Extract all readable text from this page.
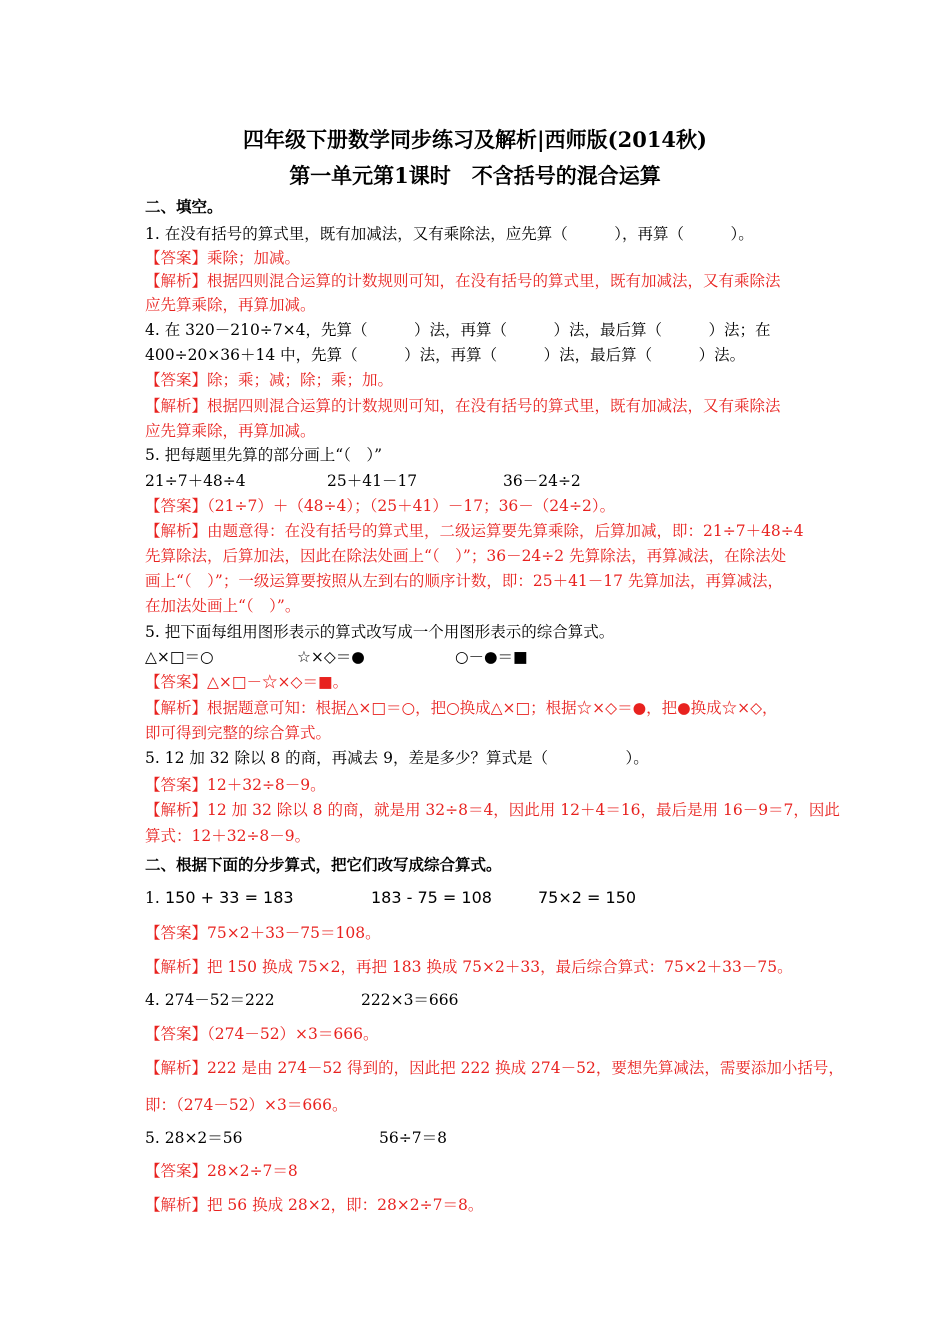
四年级下册数学同步练习及解析|西师版(2014秋)
第一单元第1课时　不含括号的混合运算
二、填空。
1. 在没有括号的算式里，既有加减法，又有乘除法，应先算（　　　），再算（　　　）。
【答案】乘除；加减。
【解析】根据四则混合运算的计数规则可知，在没有括号的算式里，既有加减法，又有乘除法
应先算乘除，再算加减。
4. 在 320－210÷7×4，先算（　　　）法，再算（　　　）法，最后算（　　　）法；在
400÷20×36＋14 中，先算（　　　）法，再算（　　　）法，最后算（　　　）法。
【答案】除；乘；减；除；乘；加。
【解析】根据四则混合运算的计数规则可知，在没有括号的算式里，既有加减法，又有乘除法
应先算乘除，再算加减。
5. 把每题里先算的部分画上“（　）”
21÷7＋48÷4	25＋41－17	36－24÷2
【答案】（21÷7）＋（48÷4）；（25＋41）－17；36－（24÷2）。
【解析】由题意得：在没有括号的算式里，二级运算要先算乘除，后算加减，即：21÷7＋48÷4
先算除法，后算加法，因此在除法处画上“（　）”；36－24÷2 先算除法，再算减法，在除法处
画上“（　）”；一级运算要按照从左到右的顺序计数，即：25＋41－17 先算加法，再算减法，
在加法处画上“（　）”。
5. 把下面每组用图形表示的算式改写成一个用图形表示的综合算式。
△×□＝○	☆×◇＝●	○－●＝■
【答案】△×□－☆×◇＝■。
【解析】根据题意可知：根据△×□＝○，把○换成△×□；根据☆×◇＝●，把●换成☆×◇，
即可得到完整的综合算式。
5. 12 加 32 除以 8 的商，再减去 9，差是多少？算式是（　　　　　）。
【答案】12＋32÷8－9。
【解析】12 加 32 除以 8 的商，就是用 32÷8＝4，因此用 12＋4＝16，最后是用 16－9＝7，因此
算式：12＋32÷8－9。
二、根据下面的分步算式，把它们改写成综合算式。
1. 150 + 33 = 183	183 - 75 = 108	75×2 = 150
【答案】75×2＋33－75＝108。
【解析】把 150 换成 75×2，再把 183 换成 75×2＋33，最后综合算式：75×2＋33－75。
4. 274－52＝222	222×3＝666
【答案】（274－52）×3＝666。
【解析】222 是由 274－52 得到的，因此把 222 换成 274－52，要想先算减法，需要添加小括号，
即：（274－52）×3＝666。
5. 28×2＝56	56÷7＝8
【答案】28×2÷7＝8
【解析】把 56 换成 28×2，即：28×2÷7＝8。
